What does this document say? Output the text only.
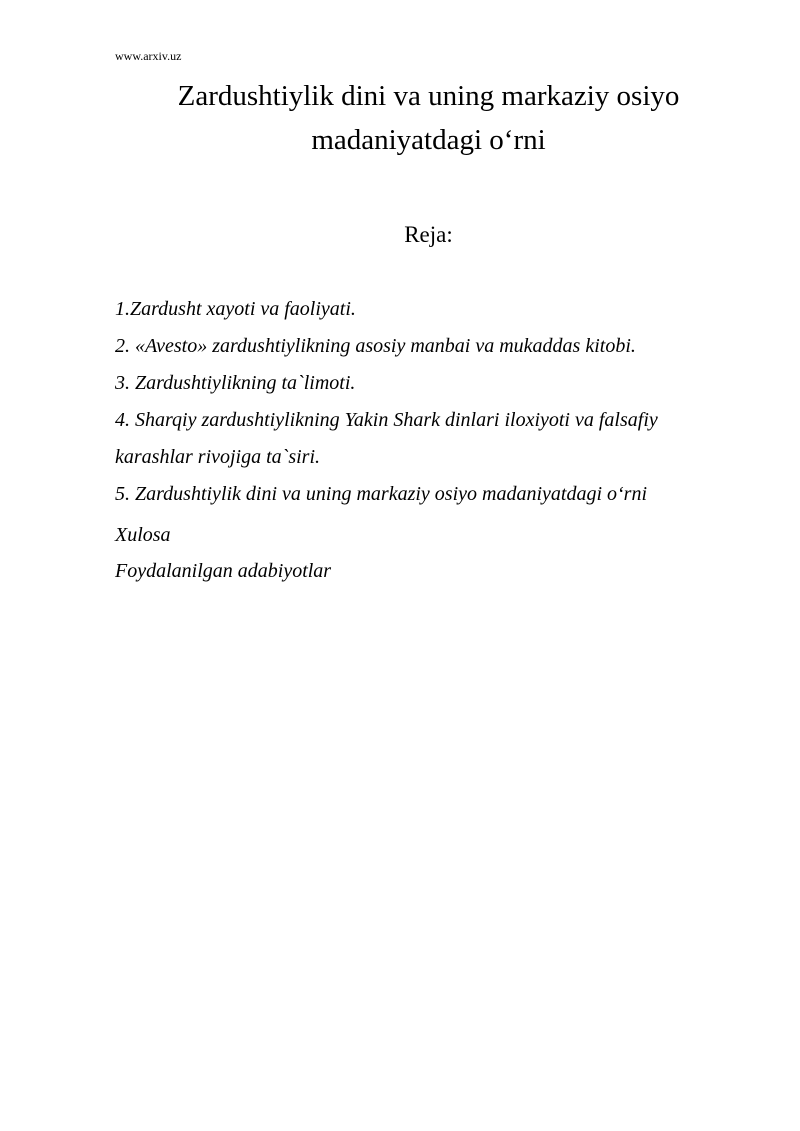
www.arxiv.uz
Zardushtiylik dini va uning markaziy osiyo
madaniyatdagi o‘rni
Reja:
1.Zardusht xayoti va faoliyati.
2. «Avesto» zardushtiylikning asosiy manbai va mukaddas kitobi.
3. Zardushtiylikning ta`limoti.
4. Sharqiy zardushtiylikning Yakin Shark dinlari iloxiyoti va falsafiy karashlar rivojiga ta`siri.
5. Zardushtiylik dini va uning markaziy osiyo madaniyatdagi o‘rni
Xulosa
Foydalanilgan adabiyotlar
